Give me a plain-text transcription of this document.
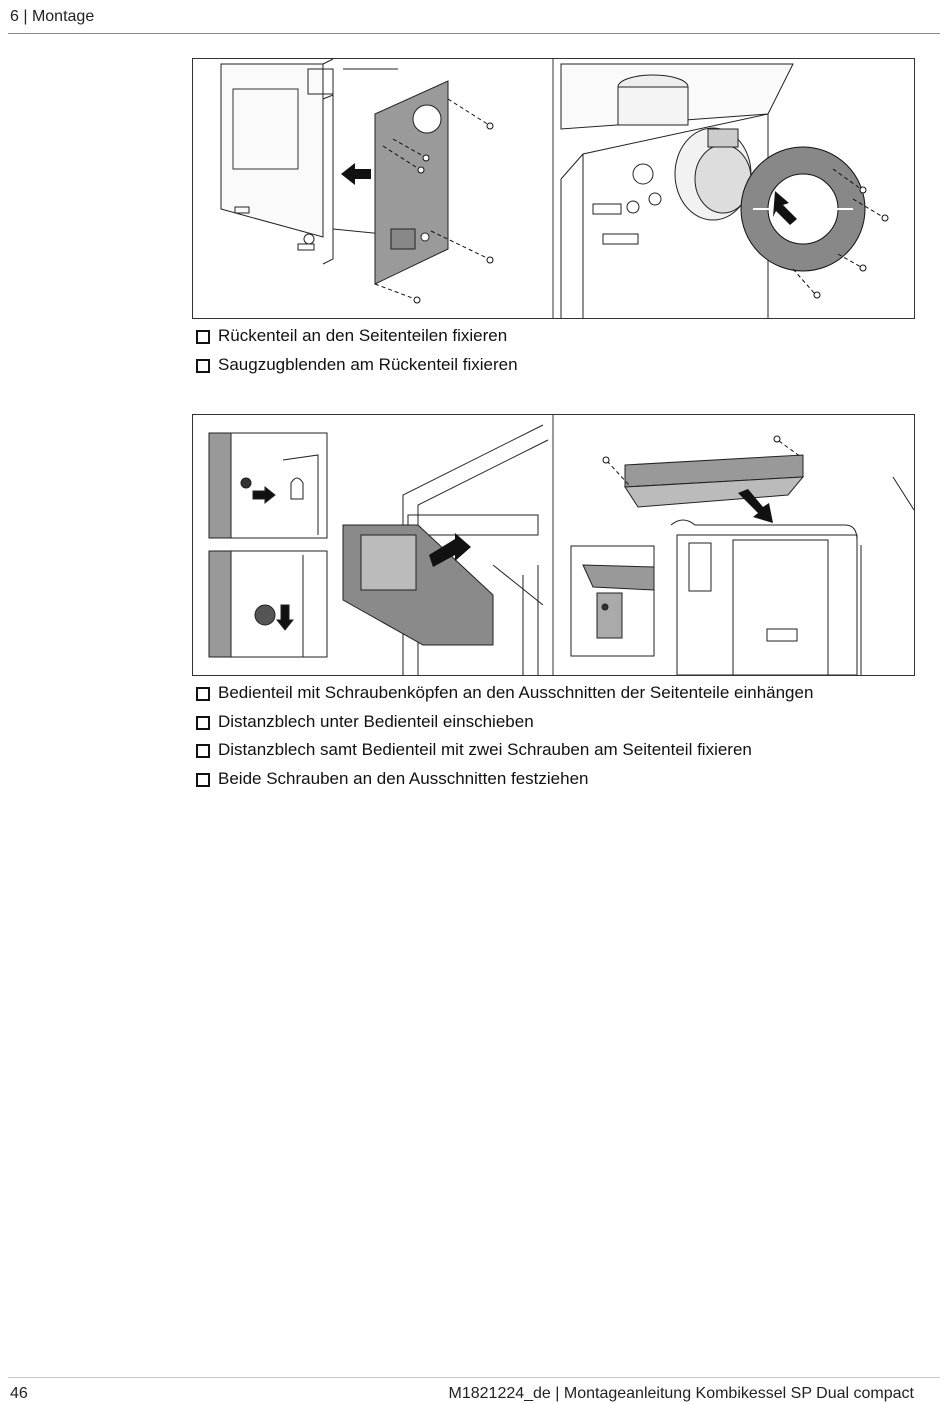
6 | Montage
Rückenteil an den Seitenteilen fixieren
Saugzugblenden am Rückenteil fixieren
Bedienteil mit Schraubenköpfen an den Ausschnitten der Seitenteile einhängen
Distanzblech unter Bedienteil einschieben
Distanzblech samt Bedienteil mit zwei Schrauben am Seitenteil fixieren
Beide Schrauben an den Ausschnitten festziehen
46	M1821224_de | Montageanleitung Kombikessel SP Dual compact
